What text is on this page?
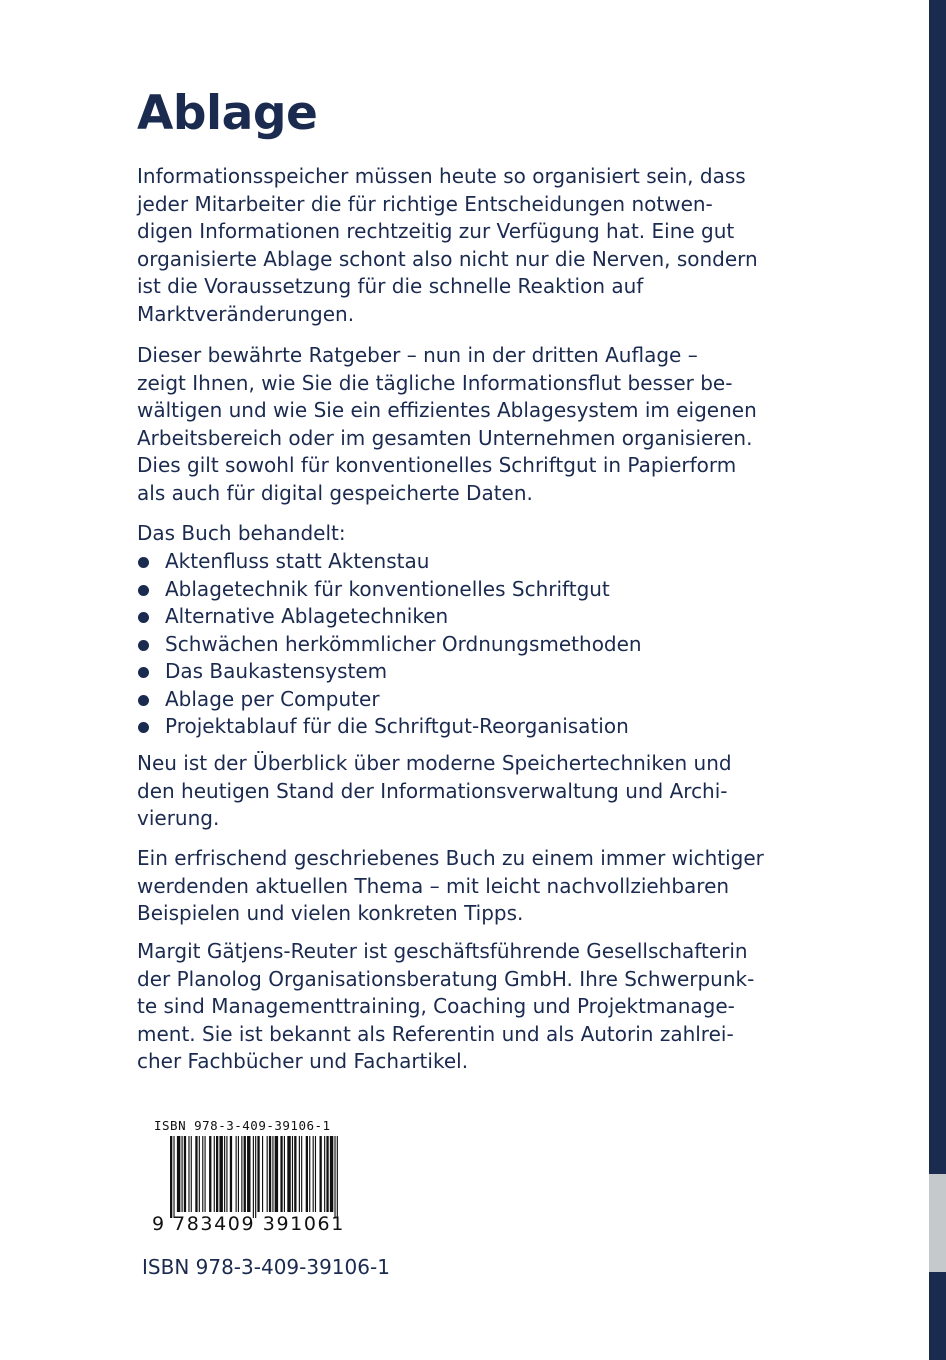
Ablage

Informationsspeicher müssen heute so organisiert sein, dass
jeder Mitarbeiter die für richtige Entscheidungen notwen-
digen Informationen rechtzeitig zur Verfügung hat. Eine gut
organisierte Ablage schont also nicht nur die Nerven, sondern
ist die Voraussetzung für die schnelle Reaktion auf
Marktveränderungen.

Dieser bewährte Ratgeber – nun in der dritten Auflage –
zeigt Ihnen, wie Sie die tägliche Informationsflut besser be-
wältigen und wie Sie ein effizientes Ablagesystem im eigenen
Arbeitsbereich oder im gesamten Unternehmen organisieren.
Dies gilt sowohl für konventionelles Schriftgut in Papierform
als auch für digital gespeicherte Daten.

Das Buch behandelt:

Aktenfluss statt Aktenstau
Ablagetechnik für konventionelles Schriftgut
Alternative Ablagetechniken
Schwächen herkömmlicher Ordnungsmethoden
Das Baukastensystem
Ablage per Computer
Projektablauf für die Schriftgut-Reorganisation

Neu ist der Überblick über moderne Speichertechniken und
den heutigen Stand der Informationsverwaltung und Archi-
vierung.

Ein erfrischend geschriebenes Buch zu einem immer wichtiger
werdenden aktuellen Thema – mit leicht nachvollziehbaren
Beispielen und vielen konkreten Tipps.

Margit Gätjens-Reuter ist geschäftsführende Gesellschafterin
der Planolog Organisationsberatung GmbH. Ihre Schwerpunk-
te sind Managementtraining, Coaching und Projektmanage-
ment. Sie ist bekannt als Referentin und als Autorin zahlrei-
cher Fachbücher und Fachartikel.

ISBN 978-3-409-39106-1
9 783409 391061
ISBN 978-3-409-39106-1
